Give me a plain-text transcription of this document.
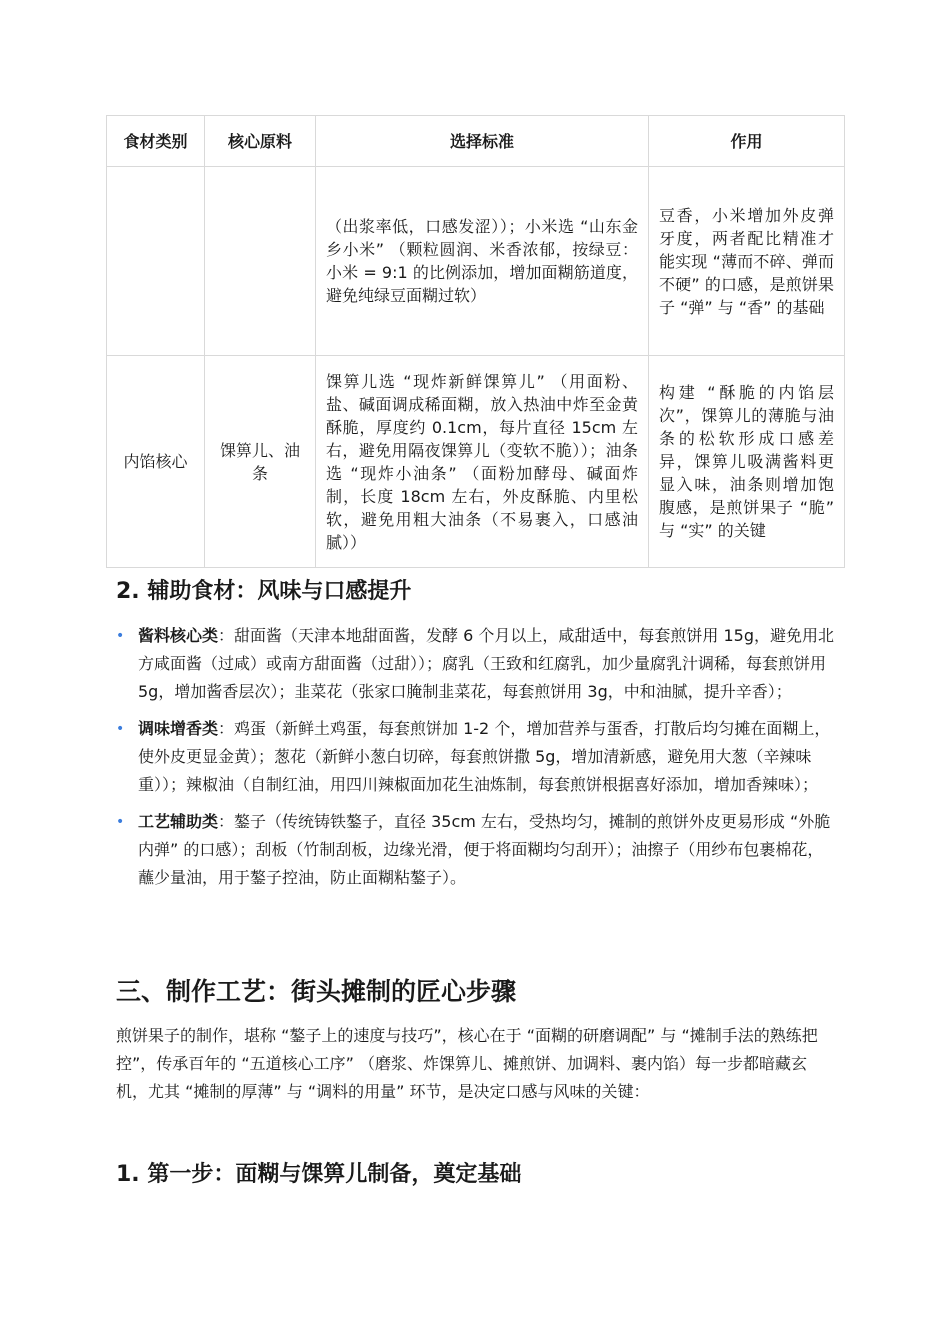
食材类别	核心原料	选择标准	作用

		（出浆率低，口感发涩））；小米选 “山东金乡小米” （颗粒圆润、米香浓郁，按绿豆：小米 = 9:1 的比例添加，增加面糊筋道度，避免纯绿豆面糊过软）	豆香，小米增加外皮弹牙度，两者配比精准才能实现 “薄而不碎、弹而不硬” 的口感，是煎饼果子 “弹” 与 “香” 的基础

内馅核心	馃箅儿、油条	馃箅儿选 “现炸新鲜馃箅儿” （用面粉、盐、碱面调成稀面糊，放入热油中炸至金黄酥脆，厚度约 0.1cm，每片直径 15cm 左右，避免用隔夜馃箅儿（变软不脆））；油条选 “现炸小油条” （面粉加酵母、碱面炸制，长度 18cm 左右，外皮酥脆、内里松软，避免用粗大油条（不易裹入，口感油腻））	构建 “酥脆的内馅层次”，馃箅儿的薄脆与油条的松软形成口感差异，馃箅儿吸满酱料更显入味，油条则增加饱腹感，是煎饼果子 “脆” 与 “实” 的关键
2. 辅助食材：风味与口感提升
• 酱料核心类：甜面酱（天津本地甜面酱，发酵 6 个月以上，咸甜适中，每套煎饼用 15g，避免用北方咸面酱（过咸）或南方甜面酱（过甜））；腐乳（王致和红腐乳，加少量腐乳汁调稀，每套煎饼用 5g，增加酱香层次）；韭菜花（张家口腌制韭菜花，每套煎饼用 3g，中和油腻，提升辛香）；
• 调味增香类：鸡蛋（新鲜土鸡蛋，每套煎饼加 1-2 个，增加营养与蛋香，打散后均匀摊在面糊上，使外皮更显金黄）；葱花（新鲜小葱白切碎，每套煎饼撒 5g，增加清新感，避免用大葱（辛辣味重））；辣椒油（自制红油，用四川辣椒面加花生油炼制，每套煎饼根据喜好添加，增加香辣味）；
• 工艺辅助类：鏊子（传统铸铁鏊子，直径 35cm 左右，受热均匀，摊制的煎饼外皮更易形成 “外脆内弹” 的口感）；刮板（竹制刮板，边缘光滑，便于将面糊均匀刮开）；油擦子（用纱布包裹棉花，蘸少量油，用于鏊子控油，防止面糊粘鏊子）。
三、制作工艺：街头摊制的匠心步骤

煎饼果子的制作，堪称 “鏊子上的速度与技巧”，核心在于 “面糊的研磨调配” 与 “摊制手法的熟练把控”，传承百年的 “五道核心工序” （磨浆、炸馃箅儿、摊煎饼、加调料、裹内馅）每一步都暗藏玄机，尤其 “摊制的厚薄” 与 “调料的用量” 环节，是决定口感与风味的关键：

1. 第一步：面糊与馃箅儿制备，奠定基础
